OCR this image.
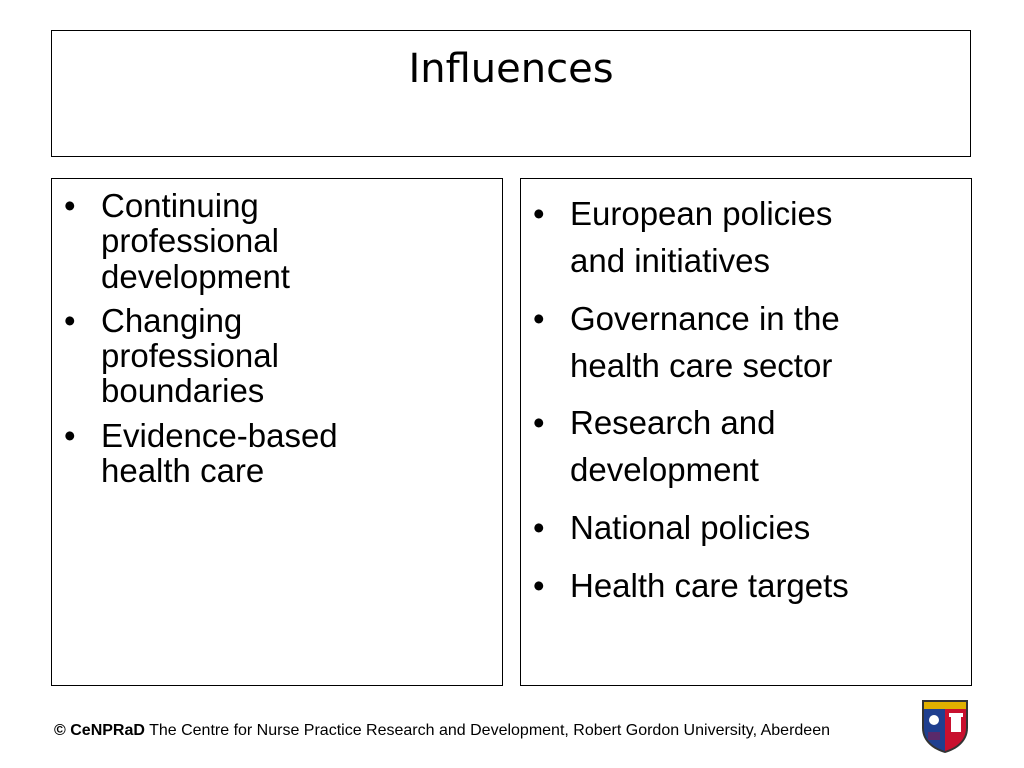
Influences
• Continuing
professional
development
• Changing
professional
boundaries
• Evidence-based
health care
• European policies
and initiatives
• Governance in the
health care sector
• Research and
development
• National policies
• Health care targets
© CeNPRaD The Centre for Nurse Practice Research and Development, Robert Gordon University, Aberdeen
